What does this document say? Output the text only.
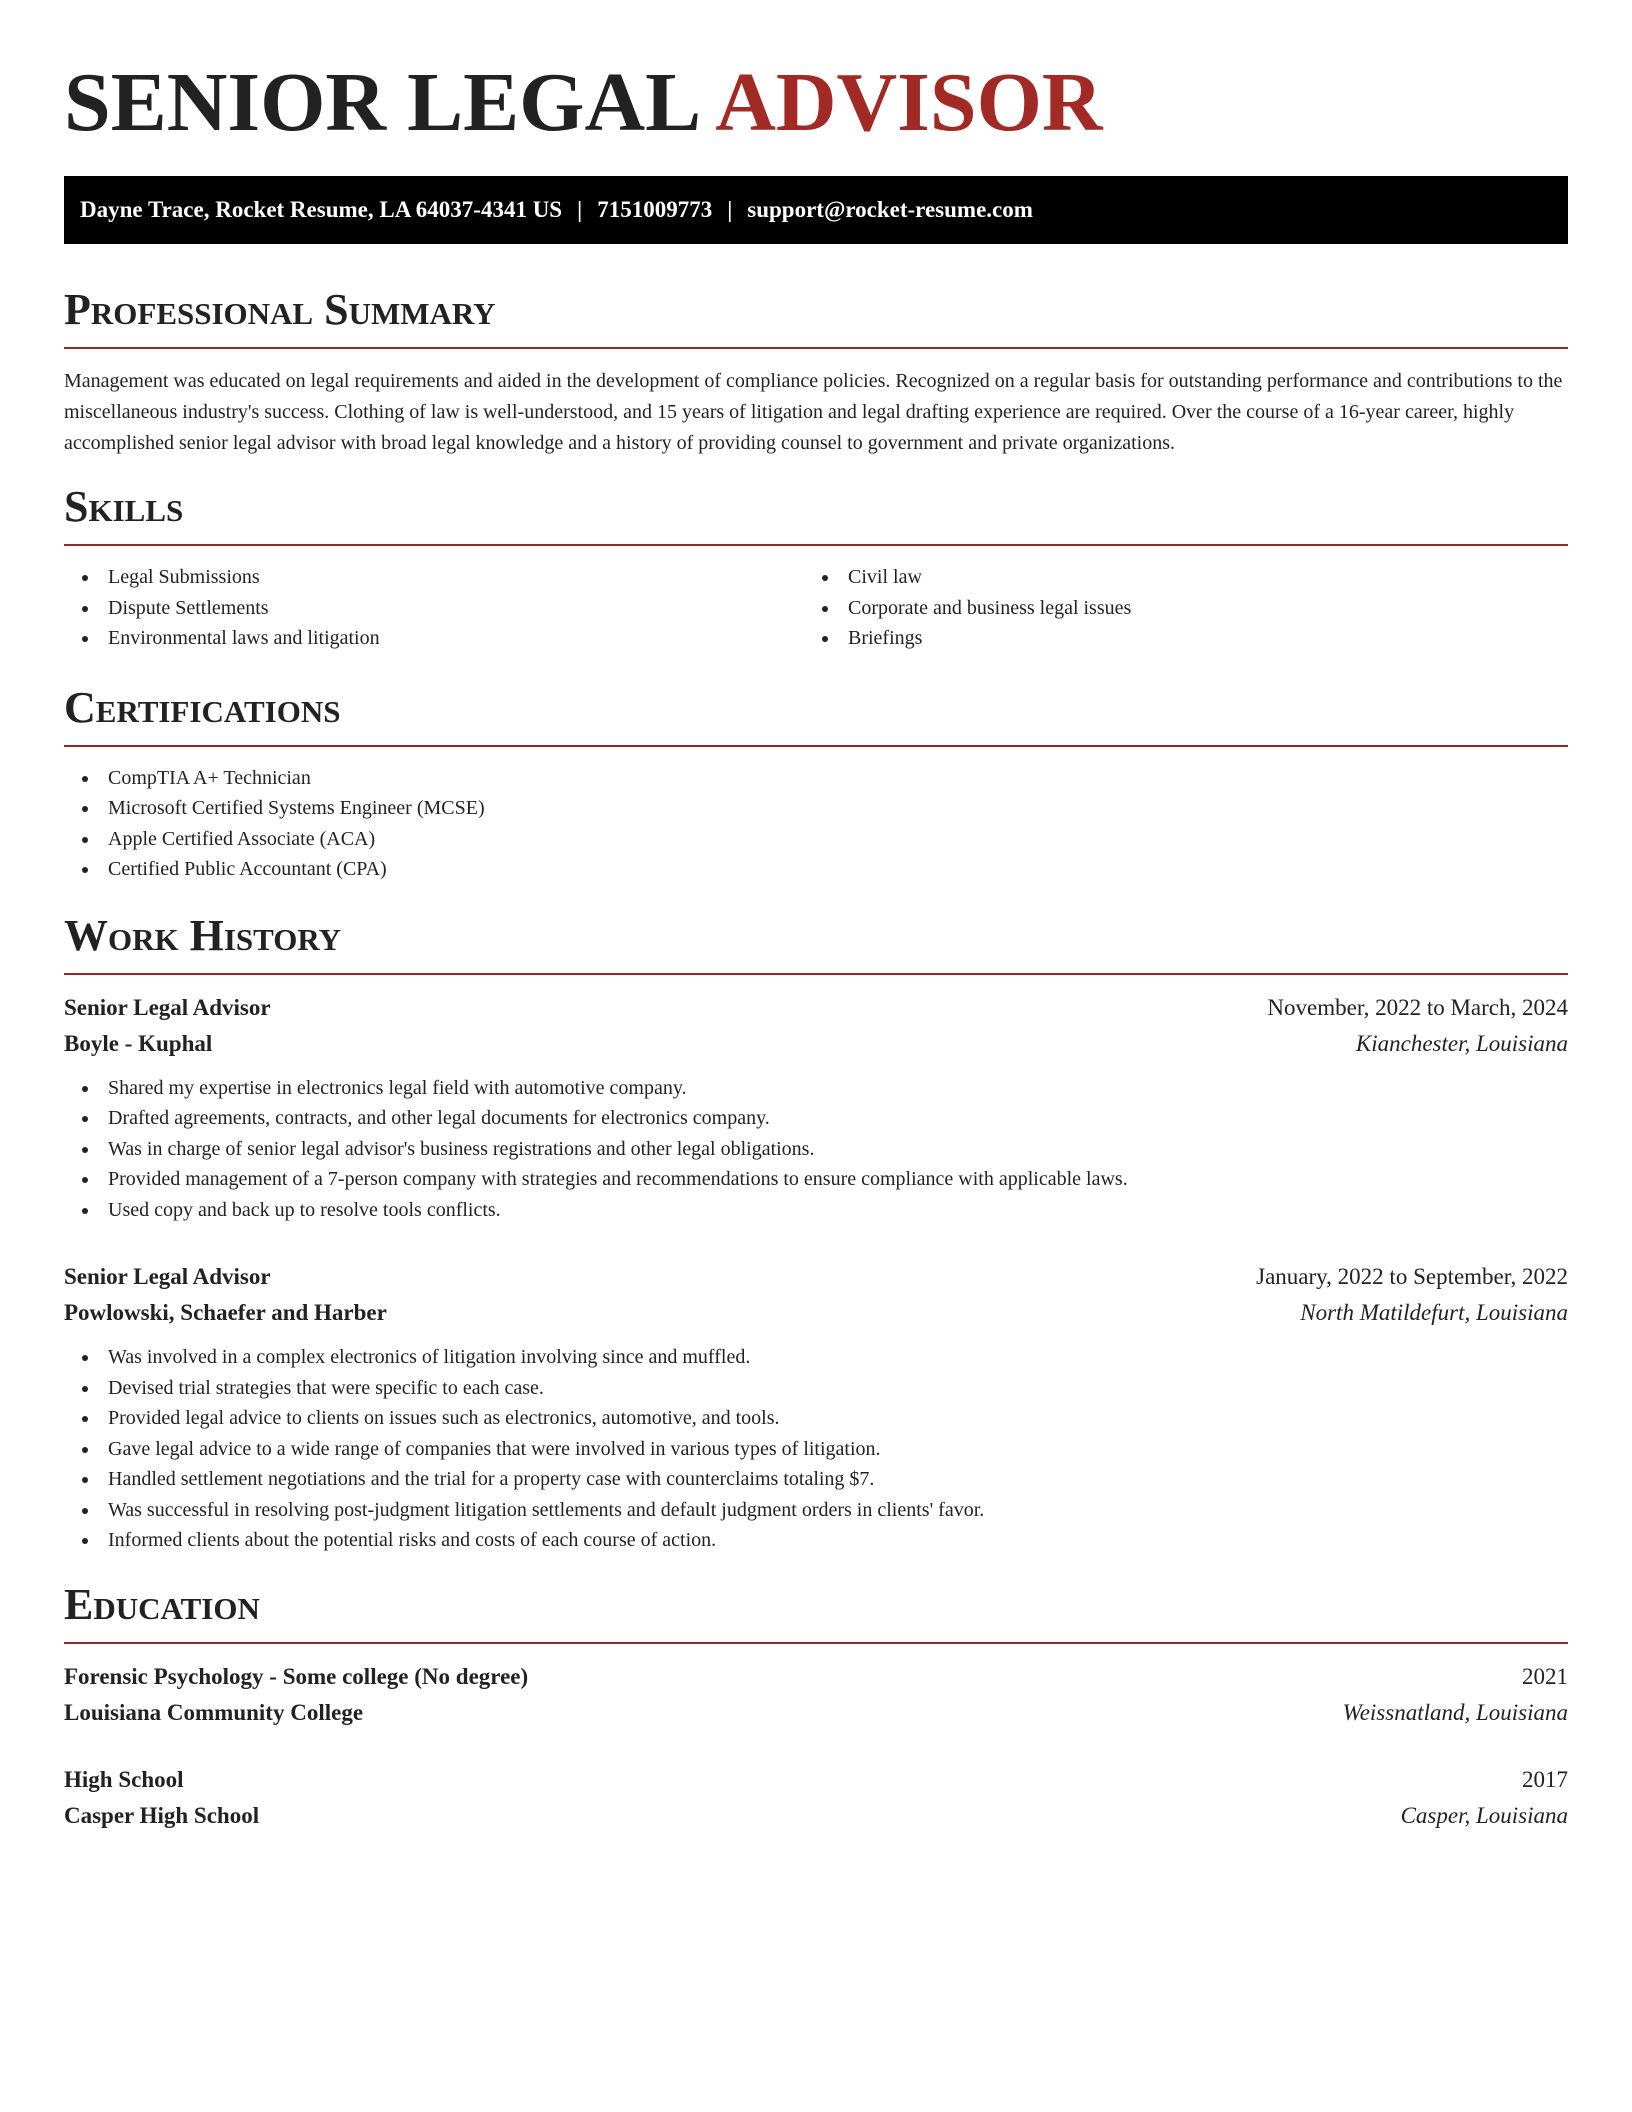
SENIOR LEGAL ADVISOR
Dayne Trace, Rocket Resume, LA 64037-4341 US | 7151009773 | support@rocket-resume.com
Professional Summary

Management was educated on legal requirements and aided in the development of compliance policies. Recognized on a regular basis for outstanding performance and contributions to the miscellaneous industry's success. Clothing of law is well-understood, and 15 years of litigation and legal drafting experience are required. Over the course of a 16-year career, highly accomplished senior legal advisor with broad legal knowledge and a history of providing counsel to government and private organizations.

Skills
Legal Submissions
Dispute Settlements
Environmental laws and litigation
Civil law
Corporate and business legal issues
Briefings
Certifications
CompTIA A+ Technician
Microsoft Certified Systems Engineer (MCSE)
Apple Certified Associate (ACA)
Certified Public Accountant (CPA)
Work History
Senior Legal Advisor	November, 2022 to March, 2024
Boyle - Kuphal	Kianchester, Louisiana
Shared my expertise in electronics legal field with automotive company.
Drafted agreements, contracts, and other legal documents for electronics company.
Was in charge of senior legal advisor's business registrations and other legal obligations.
Provided management of a 7-person company with strategies and recommendations to ensure compliance with applicable laws.
Used copy and back up to resolve tools conflicts.
Senior Legal Advisor	January, 2022 to September, 2022
Powlowski, Schaefer and Harber	North Matildefurt, Louisiana
Was involved in a complex electronics of litigation involving since and muffled.
Devised trial strategies that were specific to each case.
Provided legal advice to clients on issues such as electronics, automotive, and tools.
Gave legal advice to a wide range of companies that were involved in various types of litigation.
Handled settlement negotiations and the trial for a property case with counterclaims totaling $7.
Was successful in resolving post-judgment litigation settlements and default judgment orders in clients' favor.
Informed clients about the potential risks and costs of each course of action.
Education
Forensic Psychology - Some college (No degree)	2021
Louisiana Community College	Weissnatland, Louisiana
High School	2017
Casper High School	Casper, Louisiana
